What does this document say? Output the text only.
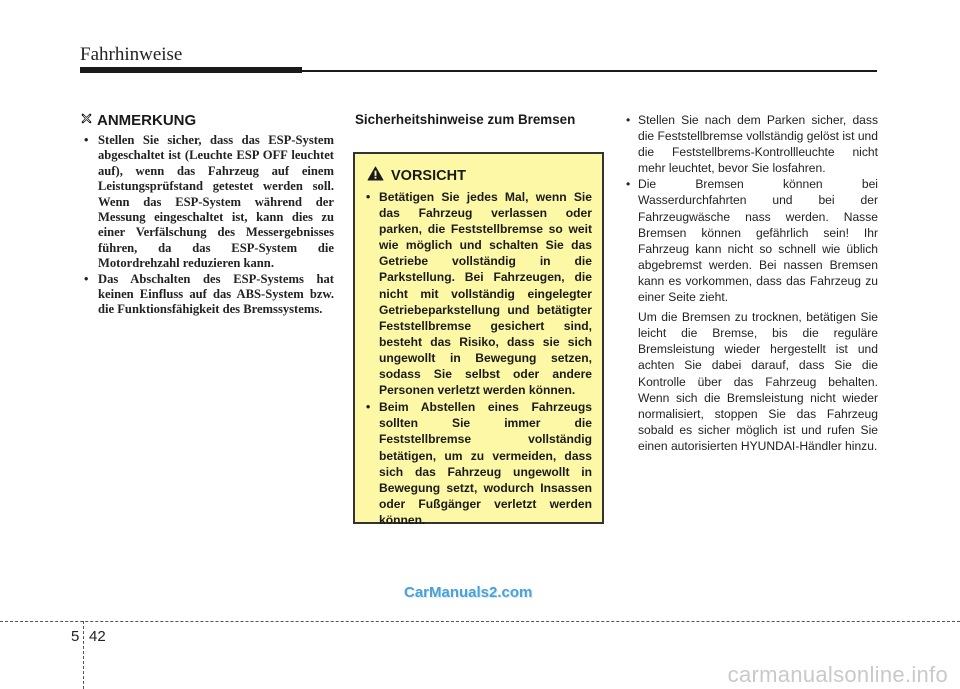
Fahrhinweise
ANMERKUNG
• Stellen Sie sicher, dass das ESP-System abgeschaltet ist (Leuchte ESP OFF leuchtet auf), wenn das Fahrzeug auf einem Leistungsprüfstand getestet werden soll. Wenn das ESP-System während der Messung eingeschaltet ist, kann dies zu einer Verfälschung des Messergebnisses führen, da das ESP-System die Motordrehzahl reduzieren kann.
• Das Abschalten des ESP-Systems hat keinen Einfluss auf das ABS-System bzw. die Funktionsfähigkeit des Bremssystems.
Sicherheitshinweise zum Bremsen
VORSICHT
• Betätigen Sie jedes Mal, wenn Sie das Fahrzeug verlassen oder parken, die Feststellbremse so weit wie möglich und schalten Sie das Getriebe vollständig in die Parkstellung. Bei Fahrzeugen, die nicht mit vollständig eingelegter Getriebeparkstellung und betätigter Feststellbremse gesichert sind, besteht das Risiko, dass sie sich ungewollt in Bewegung setzen, sodass Sie selbst oder andere Personen verletzt werden können.
• Beim Abstellen eines Fahrzeugs sollten Sie immer die Feststellbremse vollständig betätigen, um zu vermeiden, dass sich das Fahrzeug ungewollt in Bewegung setzt, wodurch Insassen oder Fußgänger verletzt werden können.
• Stellen Sie nach dem Parken sicher, dass die Feststellbremse vollständig gelöst ist und die Feststellbrems-Kontrollleuchte nicht mehr leuchtet, bevor Sie losfahren.
• Die Bremsen können bei Wasserdurchfahrten und bei der Fahrzeugwäsche nass werden. Nasse Bremsen können gefährlich sein! Ihr Fahrzeug kann nicht so schnell wie üblich abgebremst werden. Bei nassen Bremsen kann es vorkommen, dass das Fahrzeug zu einer Seite zieht.

Um die Bremsen zu trocknen, betätigen Sie leicht die Bremse, bis die reguläre Bremsleistung wieder hergestellt ist und achten Sie dabei darauf, dass Sie die Kontrolle über das Fahrzeug behalten. Wenn sich die Bremsleistung nicht wieder normalisiert, stoppen Sie das Fahrzeug sobald es sicher möglich ist und rufen Sie einen autorisierten HYUNDAI-Händler hinzu.

CarManuals2.com
5 42
carmanualsonline.info
